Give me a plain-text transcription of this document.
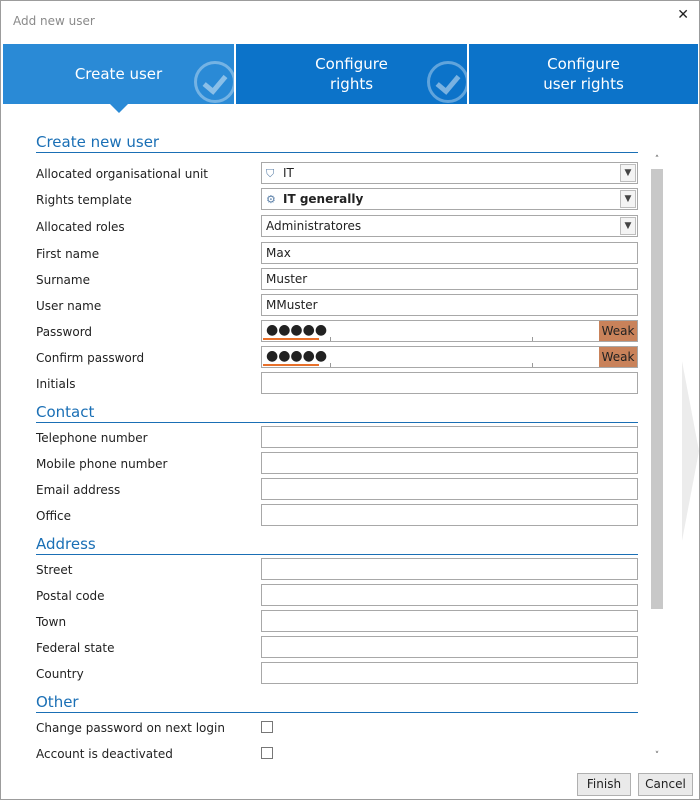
Add new user	✕
Create user
Configure rights
Configure user rights
Create new user
Allocated organisational unit	⛉ IT	▼
Rights template	⚙ IT generally	▼
Allocated roles	Administratores	▼
First name	Max
Surname	Muster
User name	MMuster
Password	●●●●●	Weak
Confirm password	●●●●●	Weak
Initials
Contact
Telephone number
Mobile phone number
Email address
Office
Address
Street
Postal code
Town
Federal state
Country
Other
Change password on next login
Account is deactivated
˄
˅
Finish	Cancel
